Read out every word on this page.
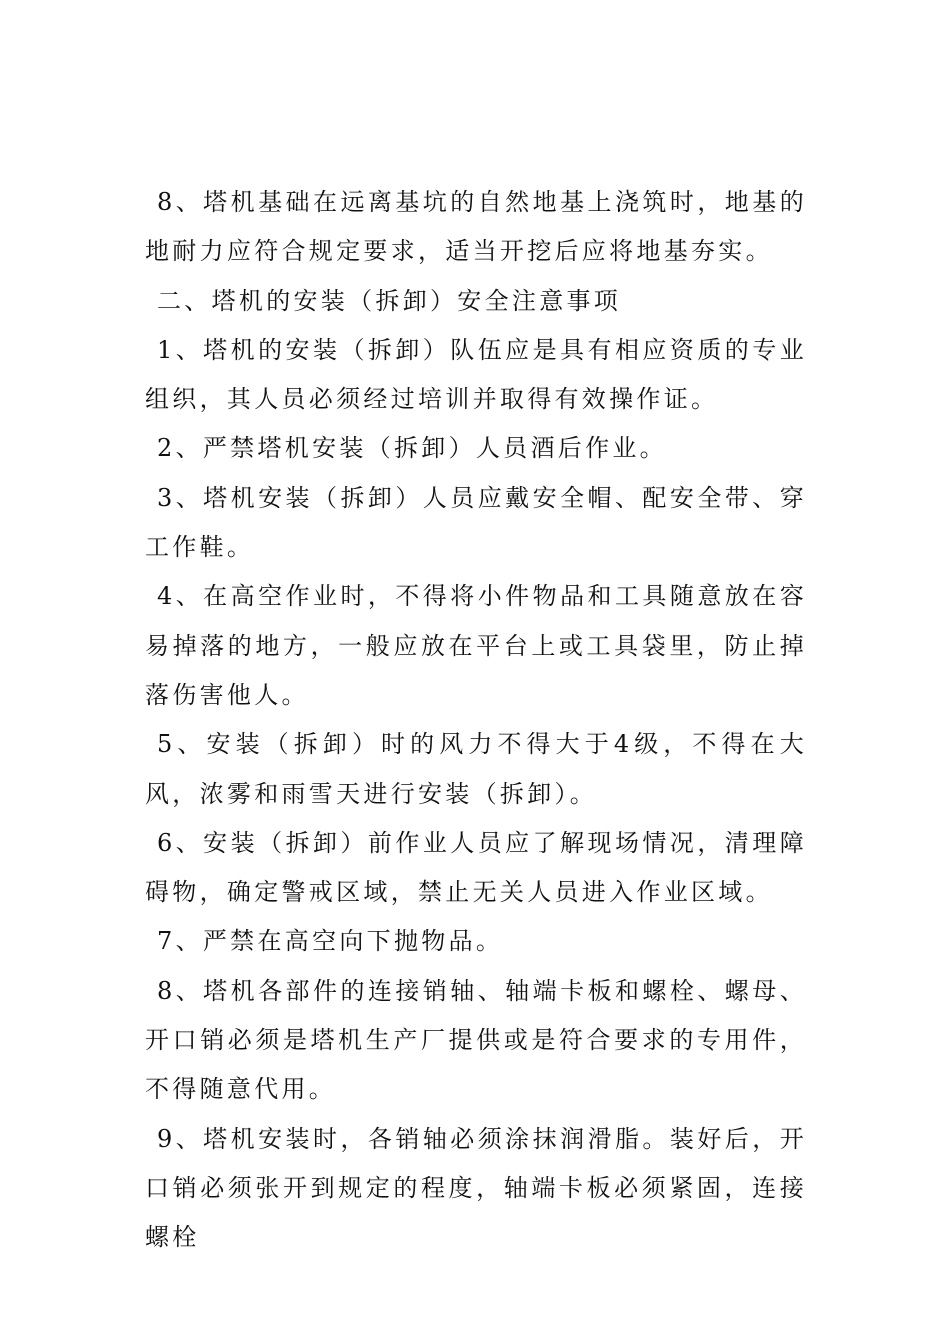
8、塔机基础在远离基坑的自然地基上浇筑时，地基的地耐力应符合规定要求，适当开挖后应将地基夯实。

二、塔机的安装（拆卸）安全注意事项

1、塔机的安装（拆卸）队伍应是具有相应资质的专业组织，其人员必须经过培训并取得有效操作证。

2、严禁塔机安装（拆卸）人员酒后作业。

3、塔机安装（拆卸）人员应戴安全帽、配安全带、穿工作鞋。

4、在高空作业时，不得将小件物品和工具随意放在容易掉落的地方，一般应放在平台上或工具袋里，防止掉落伤害他人。

5、安装（拆卸）时的风力不得大于4级，不得在大风，浓雾和雨雪天进行安装（拆卸）。

6、安装（拆卸）前作业人员应了解现场情况，清理障碍物，确定警戒区域，禁止无关人员进入作业区域。

7、严禁在高空向下抛物品。

8、塔机各部件的连接销轴、轴端卡板和螺栓、螺母、开口销必须是塔机生产厂提供或是符合要求的专用件，不得随意代用。

9、塔机安装时，各销轴必须涂抹润滑脂。装好后，开口销必须张开到规定的程度，轴端卡板必须紧固，连接螺栓
